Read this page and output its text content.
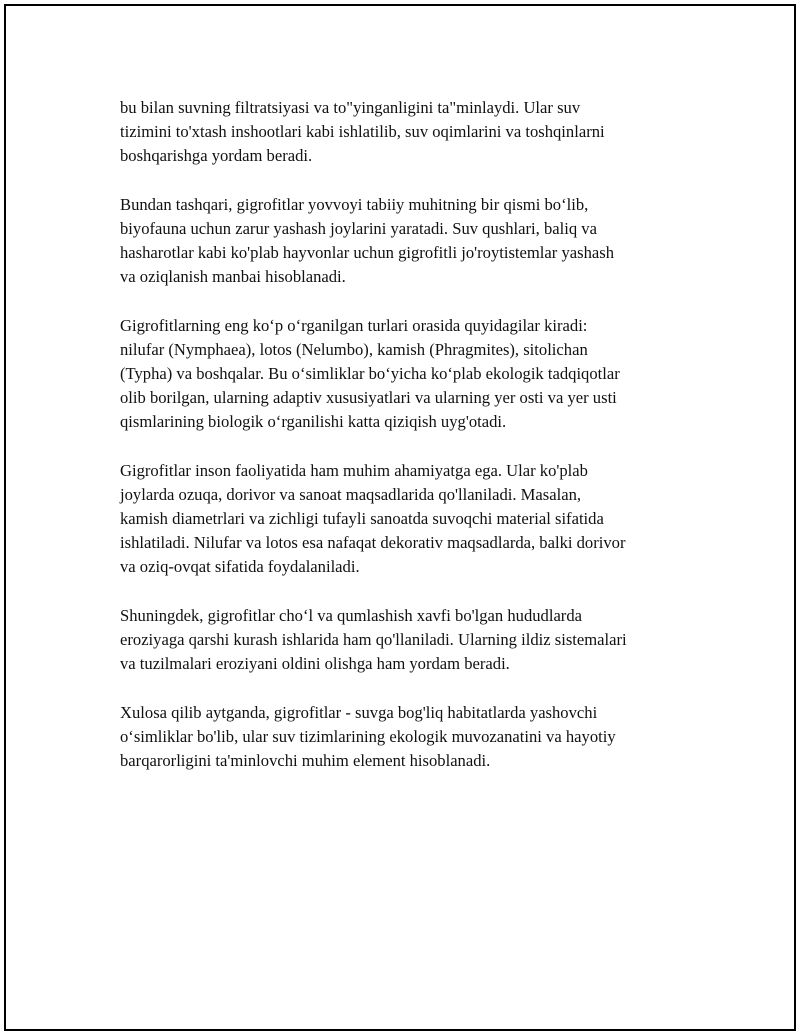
bu bilan suvning filtratsiyasi va to"yinganligini ta"minlaydi. Ular suv
tizimini to'xtash inshootlari kabi ishlatilib, suv oqimlarini va toshqinlarni
boshqarishga yordam beradi.

Bundan tashqari, gigrofitlar yovvoyi tabiiy muhitning bir qismi bo‘lib,
biyofauna uchun zarur yashash joylarini yaratadi. Suv qushlari, baliq va
hasharotlar kabi ko'plab hayvonlar uchun gigrofitli jo'roytistemlar yashash
va oziqlanish manbai hisoblanadi.

Gigrofitlarning eng ko‘p o‘rganilgan turlari orasida quyidagilar kiradi:
nilufar (Nymphaea), lotos (Nelumbo), kamish (Phragmites), sitolichan
(Typha) va boshqalar. Bu o‘simliklar bo‘yicha ko‘plab ekologik tadqiqotlar
olib borilgan, ularning adaptiv xususiyatlari va ularning yer osti va yer usti
qismlarining biologik o‘rganilishi katta qiziqish uyg'otadi.

Gigrofitlar inson faoliyatida ham muhim ahamiyatga ega. Ular ko'plab
joylarda ozuqa, dorivor va sanoat maqsadlarida qo'llaniladi. Masalan,
kamish diametrlari va zichligi tufayli sanoatda suvoqchi material sifatida
ishlatiladi. Nilufar va lotos esa nafaqat dekorativ maqsadlarda, balki dorivor
va oziq-ovqat sifatida foydalaniladi.

Shuningdek, gigrofitlar cho‘l va qumlashish xavfi bo'lgan hududlarda
eroziyaga qarshi kurash ishlarida ham qo'llaniladi. Ularning ildiz sistemalari
va tuzilmalari eroziyani oldini olishga ham yordam beradi.

Xulosa qilib aytganda, gigrofitlar - suvga bog'liq habitatlarda yashovchi
o‘simliklar bo'lib, ular suv tizimlarining ekologik muvozanatini va hayotiy
barqarorligini ta'minlovchi muhim element hisoblanadi.
